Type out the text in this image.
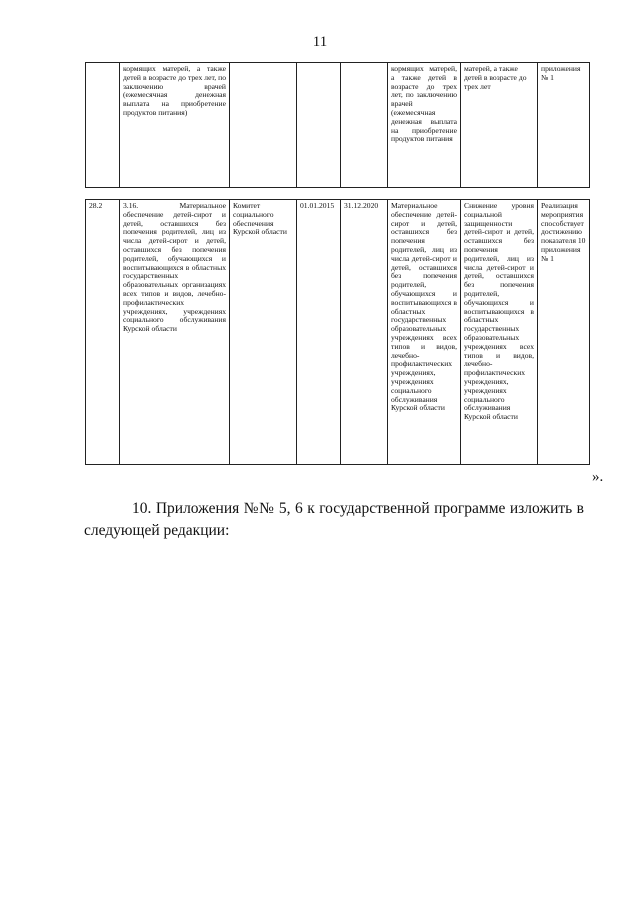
11
	кормящих матерей, а также детей в возрасте до трех лет, по заключению врачей (ежемесячная денежная выплата на приобретение продуктов питания)				кормящих матерей, а также детей в возрасте до трех лет, по заключению врачей (ежемесячная денежная выплата на приобретение продуктов питания	матерей, а также детей в возрасте до трех лет	приложения № 1
28.2	3.16. Материальное обеспечение детей-сирот и детей, оставшихся без попечения родителей, лиц из числа детей-сирот и детей, оставшихся без попечения родителей, обучающихся и воспитывающихся в областных государственных образовательных организациях всех типов и видов, лечебно-профилактических учреждениях, учреждениях социального обслуживания Курской области	Комитет социального обеспечения Курской области	01.01.2015	31.12.2020	Материальное обеспечение детей-сирот и детей, оставшихся без попечения родителей, лиц из числа детей-сирот и детей, оставшихся без попечения родителей, обучающихся и воспитывающихся в областных государственных образовательных учреждениях всех типов и видов, лечебно-профилактических учреждениях, учреждениях социального обслуживания Курской области	Снижение уровня социальной защищенности детей-сирот и детей, оставшихся без попечения родителей, лиц из числа детей-сирот и детей, оставшихся без попечения родителей, обучающихся и воспитывающихся в областных государственных образовательных учреждениях всех типов и видов, лечебно-профилактических учреждениях, учреждениях социального обслуживания Курской области	Реализация мероприятия способствует достижению показателя 10 приложения № 1
».

10. Приложения №№ 5, 6 к государственной программе изложить в следующей редакции:
